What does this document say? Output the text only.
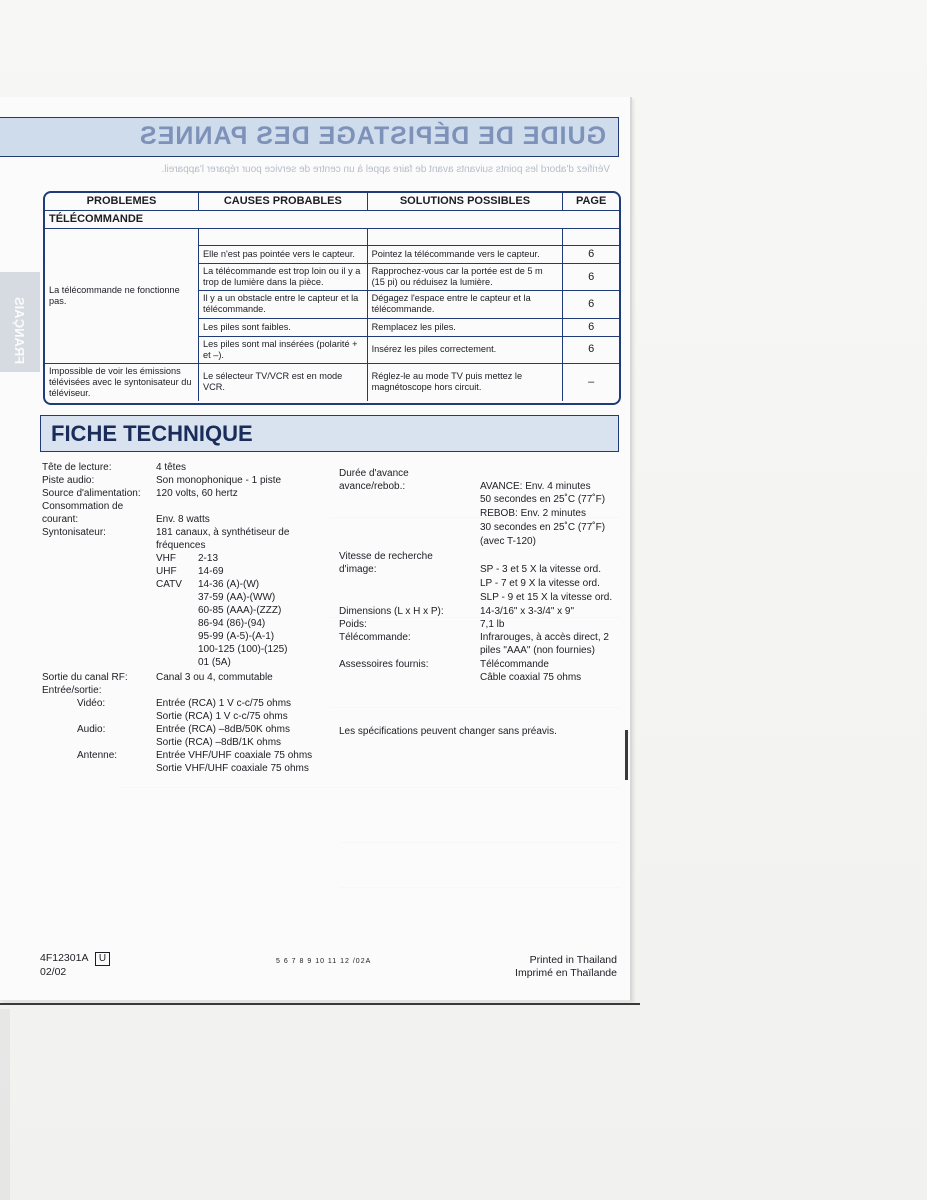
GUIDE DE DÉPISTAGE DES PANNES
Vérifiez d'abord les points suivants avant de faire appel à un centre de service pour réparer l'appareil.
FRANÇAIS
PROBLEMES	CAUSES PROBABLES	SOLUTIONS POSSIBLES	PAGE
TÉLÉCOMMANDE			
La télécommande ne fonctionne pas.			
	Elle n'est pas pointée vers le capteur.	Pointez la télécommande vers le capteur.	6
	La télécommande est trop loin ou il y a trop de lumière dans la pièce.	Rapprochez-vous car la portée est de 5 m (15 pi) ou réduisez la lumière.	6
	Il y a un obstacle entre le capteur et la télécommande.	Dégagez l'espace entre le capteur et la télécommande.	6
	Les piles sont faibles.	Remplacez les piles.	6
	Les piles sont mal insérées (polarité + et –).	Insérez les piles correctement.	6
Impossible de voir les émissions télévisées avec le syntonisateur du téléviseur.	Le sélecteur TV/VCR est en mode VCR.	Réglez-le au mode TV puis mettez le magnétoscope hors circuit.	–
FICHE TECHNIQUE
Tête de lecture:	4 têtes
Piste audio:	Son monophonique - 1 piste
Source d'alimentation: 120 volts, 60 hertz
Consommation de
courant:	Env. 8 watts
Syntonisateur:	181 canaux, à synthétiseur de
fréquences
VHF 2-13
UHF 14-69
CATV 14-36 (A)-(W)
37-59 (AA)-(WW)
60-85 (AAA)-(ZZZ)
86-94 (86)-(94)
95-99 (A-5)-(A-1)
100-125 (100)-(125)
01 (5A)
Sortie du canal RF:	Canal 3 ou 4, commutable
Entrée/sortie:
Vidéo:	Entrée (RCA) 1 V c-c/75 ohms
Sortie (RCA) 1 V c-c/75 ohms
Audio:	Entrée (RCA) –8dB/50K ohms
Sortie (RCA) –8dB/1K ohms
Antenne:	Entrée VHF/UHF coaxiale 75 ohms
Sortie VHF/UHF coaxiale 75 ohms
Durée d'avance
avance/rebob.:	AVANCE: Env. 4 minutes
50 secondes en 25˚C (77˚F)
REBOB: Env. 2 minutes
30 secondes en 25˚C (77˚F)
(avec T-120)
Vitesse de recherche
d'image:	SP - 3 et 5 X la vitesse ord.
LP - 7 et 9 X la vitesse ord.
SLP - 9 et 15 X la vitesse ord.
Dimensions (L x H x P):	14-3/16" x 3-3/4" x 9"
Poids:	7,1 lb
Télécommande:	Infrarouges, à accès direct, 2
piles "AAA" (non fournies)
Assessoires fournis:	Télécommande
Câble coaxial 75 ohms
Les spécifications peuvent changer sans préavis.
4F12301A U
02/02
5 6 7 8 9 10 11 12 /02A	Printed in Thailand
Imprimé en Thaïlande
